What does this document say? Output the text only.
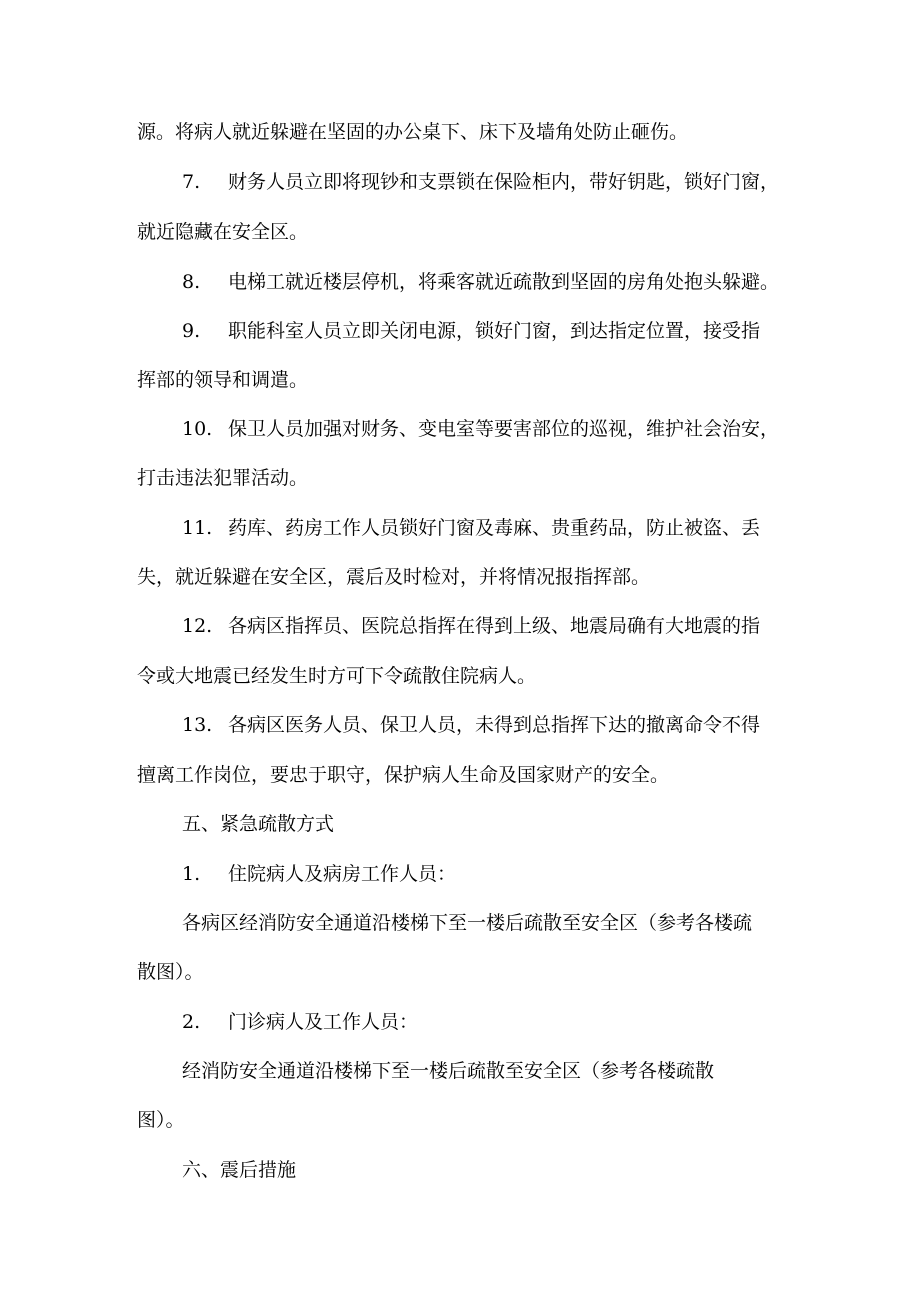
源。将病人就近躲避在坚固的办公桌下、床下及墙角处防止砸伤。
7. 财务人员立即将现钞和支票锁在保险柜内，带好钥匙，锁好门窗，
就近隐藏在安全区。
8. 电梯工就近楼层停机，将乘客就近疏散到坚固的房角处抱头躲避。
9. 职能科室人员立即关闭电源，锁好门窗，到达指定位置，接受指
挥部的领导和调遣。
10. 保卫人员加强对财务、变电室等要害部位的巡视，维护社会治安，
打击违法犯罪活动。
11. 药库、药房工作人员锁好门窗及毒麻、贵重药品，防止被盗、丢
失，就近躲避在安全区，震后及时检对，并将情况报指挥部。
12. 各病区指挥员、医院总指挥在得到上级、地震局确有大地震的指
令或大地震已经发生时方可下令疏散住院病人。
13. 各病区医务人员、保卫人员，未得到总指挥下达的撤离命令不得
擅离工作岗位，要忠于职守，保护病人生命及国家财产的安全。
五、紧急疏散方式
1. 住院病人及病房工作人员：
各病区经消防安全通道沿楼梯下至一楼后疏散至安全区（参考各楼疏
散图）。
2. 门诊病人及工作人员：
经消防安全通道沿楼梯下至一楼后疏散至安全区（参考各楼疏散
图）。
六、震后措施
